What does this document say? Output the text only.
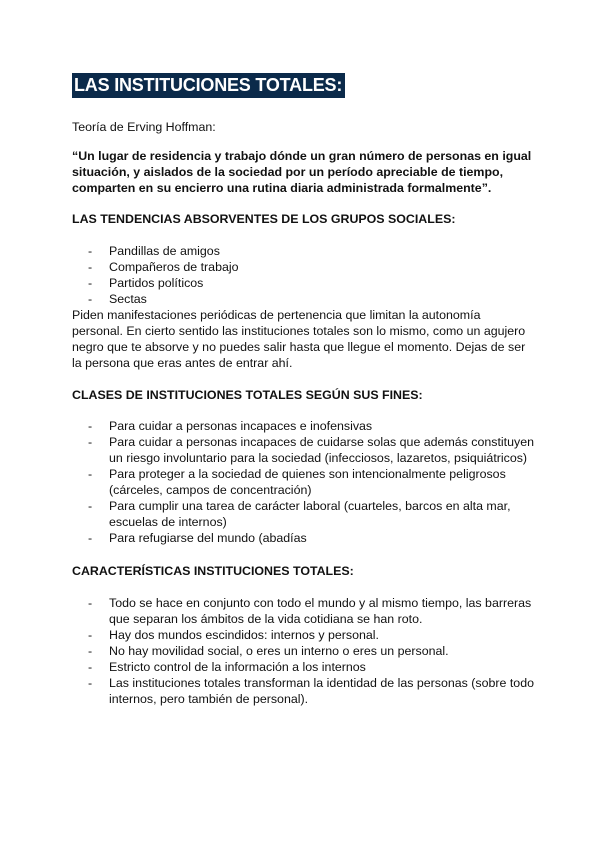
LAS INSTITUCIONES TOTALES:

Teoría de Erving Hoffman:

“Un lugar de residencia y trabajo dónde un gran número de personas en igual situación, y aislados de la sociedad por un período apreciable de tiempo, comparten en su encierro una rutina diaria administrada formalmente”.

LAS TENDENCIAS ABSORVENTES DE LOS GRUPOS SOCIALES:

- Pandillas de amigos
- Compañeros de trabajo
- Partidos políticos
- Sectas

Piden manifestaciones periódicas de pertenencia que limitan la autonomía personal. En cierto sentido las instituciones totales son lo mismo, como un agujero negro que te absorve y no puedes salir hasta que llegue el momento. Dejas de ser la persona que eras antes de entrar ahí.

CLASES DE INSTITUCIONES TOTALES SEGÚN SUS FINES:

- Para cuidar a personas incapaces e inofensivas
- Para cuidar a personas incapaces de cuidarse solas que además constituyen un riesgo involuntario para la sociedad (infecciosos, lazaretos, psiquiátricos)
- Para proteger a la sociedad de quienes son intencionalmente peligrosos (cárceles, campos de concentración)
- Para cumplir una tarea de carácter laboral (cuarteles, barcos en alta mar, escuelas de internos)
- Para refugiarse del mundo (abadías

CARACTERÍSTICAS INSTITUCIONES TOTALES:

- Todo se hace en conjunto con todo el mundo y al mismo tiempo, las barreras que separan los ámbitos de la vida cotidiana se han roto.
- Hay dos mundos escindidos: internos y personal.
- No hay movilidad social, o eres un interno o eres un personal.
- Estricto control de la información a los internos
- Las instituciones totales transforman la identidad de las personas (sobre todo internos, pero también de personal).
